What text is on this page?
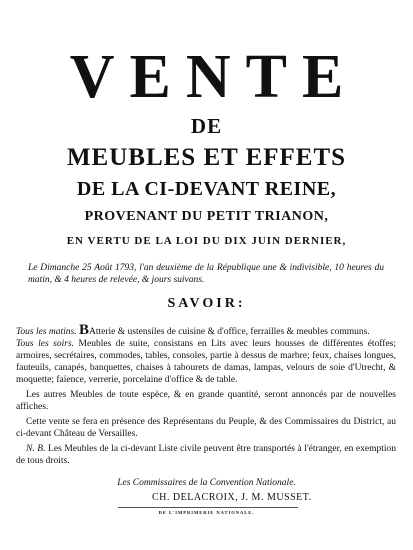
VENTE
DE
MEUBLES ET EFFETS
DE LA CI-DEVANT REINE,
PROVENANT DU PETIT TRIANON,
EN VERTU DE LA LOI DU DIX JUIN DERNIER,
Le Dimanche 25 Août 1793, l'an deuxième de la République une & indivisible, 10 heures du matin, & 4 heures de relevée, & jours suivans.
SAVOIR:
Tous les matins. BAtterie & ustensiles de cuisine & d'office, ferrailles & meubles communs.
Tous les soirs. Meubles de suite, consistans en Lits avec leurs housses de différentes étoffes; armoires, secrétaires, commodes, tables, consoles, partie à dessus de marbre; feux, chaises longues, fauteuils, canapés, banquettes, chaises à tabourets de damas, lampas, velours de soie d'Utrecht, & moquette; faïence, verrerie, porcelaine d'office & de table.
Les autres Meubles de toute espèce, & en grande quantité, seront annoncés par de nouvelles affiches.
Cette vente se fera en présence des Représentans du Peuple, & des Commissaires du District, au ci-devant Château de Versailles.
N. B. Les Meubles de la ci-devant Liste civile peuvent être transportés à l'étranger, en exemption de tous droits.
Les Commissaires de la Convention Nationale.
CH. DELACROIX, J. M. MUSSET.
DE L'IMPRIMERIE NATIONALE.
